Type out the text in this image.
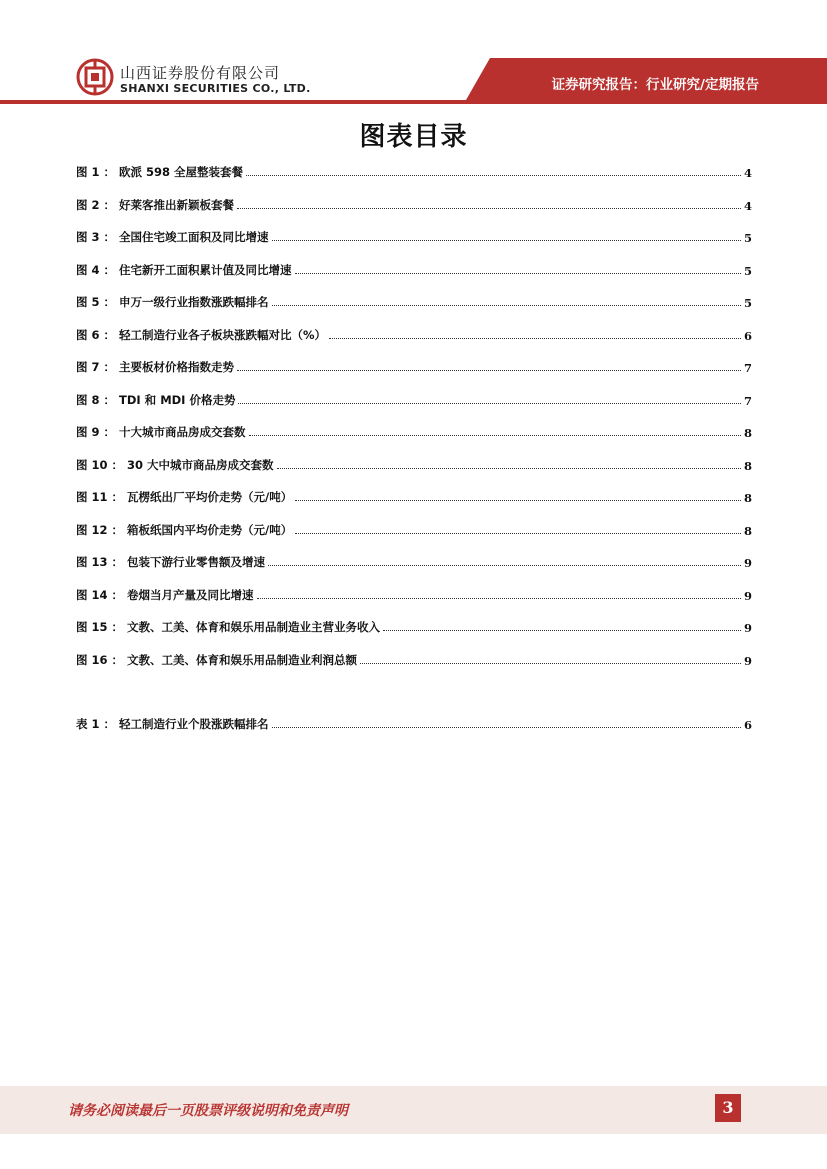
证券研究报告：行业研究/定期报告
山西证券股份有限公司
SHANXI SECURITIES CO., LTD.
图表目录
图 1 ： 欧派 598 全屋整装套餐	4
图 2 ： 好莱客推出新颖板套餐	4
图 3 ： 全国住宅竣工面积及同比增速	5
图 4 ： 住宅新开工面积累计值及同比增速	5
图 5 ： 申万一级行业指数涨跌幅排名	5
图 6 ： 轻工制造行业各子板块涨跌幅对比（%）	6
图 7 ： 主要板材价格指数走势	7
图 8 ： TDI 和 MDI 价格走势	7
图 9 ： 十大城市商品房成交套数	8
图 10 ： 30 大中城市商品房成交套数	8
图 11 ： 瓦楞纸出厂平均价走势（元/吨）	8
图 12 ： 箱板纸国内平均价走势（元/吨）	8
图 13 ： 包装下游行业零售额及增速	9
图 14 ： 卷烟当月产量及同比增速	9
图 15 ： 文教、工美、体育和娱乐用品制造业主营业务收入	9
图 16 ： 文教、工美、体育和娱乐用品制造业利润总额	9
表 1 ： 轻工制造行业个股涨跌幅排名	6
请务必阅读最后一页股票评级说明和免责声明	3
